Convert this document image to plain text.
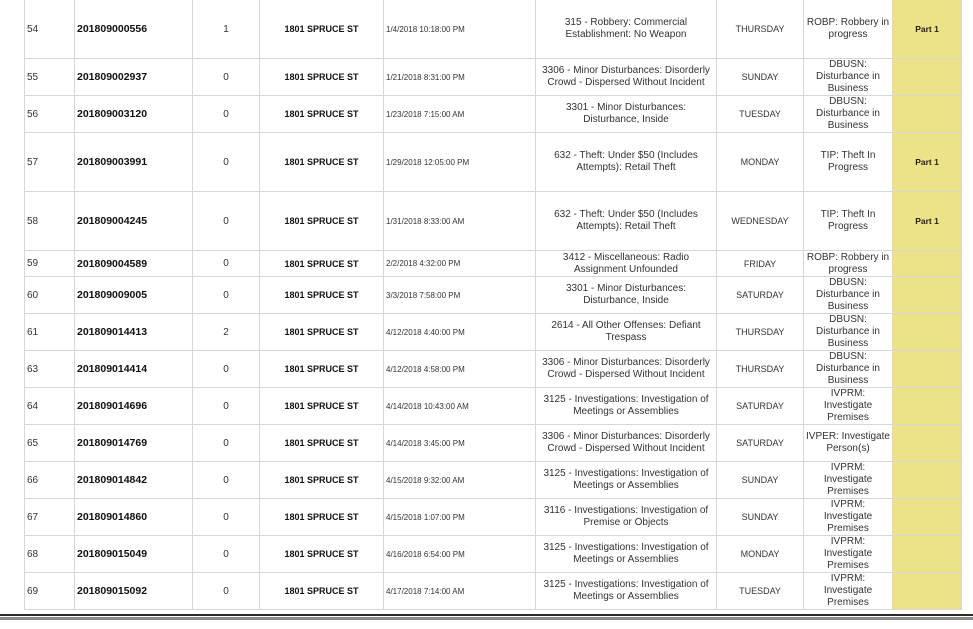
54	201809000556	1	1801 SPRUCE ST	1/4/2018 10:18:00 PM	315 - Robbery: Commercial Establishment: No Weapon	THURSDAY	ROBP: Robbery in progress	Part 1
55	201809002937	0	1801 SPRUCE ST	1/21/2018 8:31:00 PM	3306 - Minor Disturbances: Disorderly Crowd - Dispersed Without Incident	SUNDAY	DBUSN: Disturbance in Business	
56	201809003120	0	1801 SPRUCE ST	1/23/2018 7:15:00 AM	3301 - Minor Disturbances: Disturbance, Inside	TUESDAY	DBUSN: Disturbance in Business	
57	201809003991	0	1801 SPRUCE ST	1/29/2018 12:05:00 PM	632 - Theft: Under $50 (Includes Attempts): Retail Theft	MONDAY	TIP: Theft In Progress	Part 1
58	201809004245	0	1801 SPRUCE ST	1/31/2018 8:33:00 AM	632 - Theft: Under $50 (Includes Attempts): Retail Theft	WEDNESDAY	TIP: Theft In Progress	Part 1
59	201809004589	0	1801 SPRUCE ST	2/2/2018 4:32:00 PM	3412 - Miscellaneous: Radio Assignment Unfounded	FRIDAY	ROBP: Robbery in progress	
60	201809009005	0	1801 SPRUCE ST	3/3/2018 7:58:00 PM	3301 - Minor Disturbances: Disturbance, Inside	SATURDAY	DBUSN: Disturbance in Business	
61	201809014413	2	1801 SPRUCE ST	4/12/2018 4:40:00 PM	2614 - All Other Offenses: Defiant Trespass	THURSDAY	DBUSN: Disturbance in Business	
63	201809014414	0	1801 SPRUCE ST	4/12/2018 4:58:00 PM	3306 - Minor Disturbances: Disorderly Crowd - Dispersed Without Incident	THURSDAY	DBUSN: Disturbance in Business	
64	201809014696	0	1801 SPRUCE ST	4/14/2018 10:43:00 AM	3125 - Investigations: Investigation of Meetings or Assemblies	SATURDAY	IVPRM: Investigate Premises	
65	201809014769	0	1801 SPRUCE ST	4/14/2018 3:45:00 PM	3306 - Minor Disturbances: Disorderly Crowd - Dispersed Without Incident	SATURDAY	IVPER: Investigate Person(s)	
66	201809014842	0	1801 SPRUCE ST	4/15/2018 9:32:00 AM	3125 - Investigations: Investigation of Meetings or Assemblies	SUNDAY	IVPRM: Investigate Premises	
67	201809014860	0	1801 SPRUCE ST	4/15/2018 1:07:00 PM	3116 - Investigations: Investigation of Premise or Objects	SUNDAY	IVPRM: Investigate Premises	
68	201809015049	0	1801 SPRUCE ST	4/16/2018 6:54:00 PM	3125 - Investigations: Investigation of Meetings or Assemblies	MONDAY	IVPRM: Investigate Premises	
69	201809015092	0	1801 SPRUCE ST	4/17/2018 7:14:00 AM	3125 - Investigations: Investigation of Meetings or Assemblies	TUESDAY	IVPRM: Investigate Premises	
